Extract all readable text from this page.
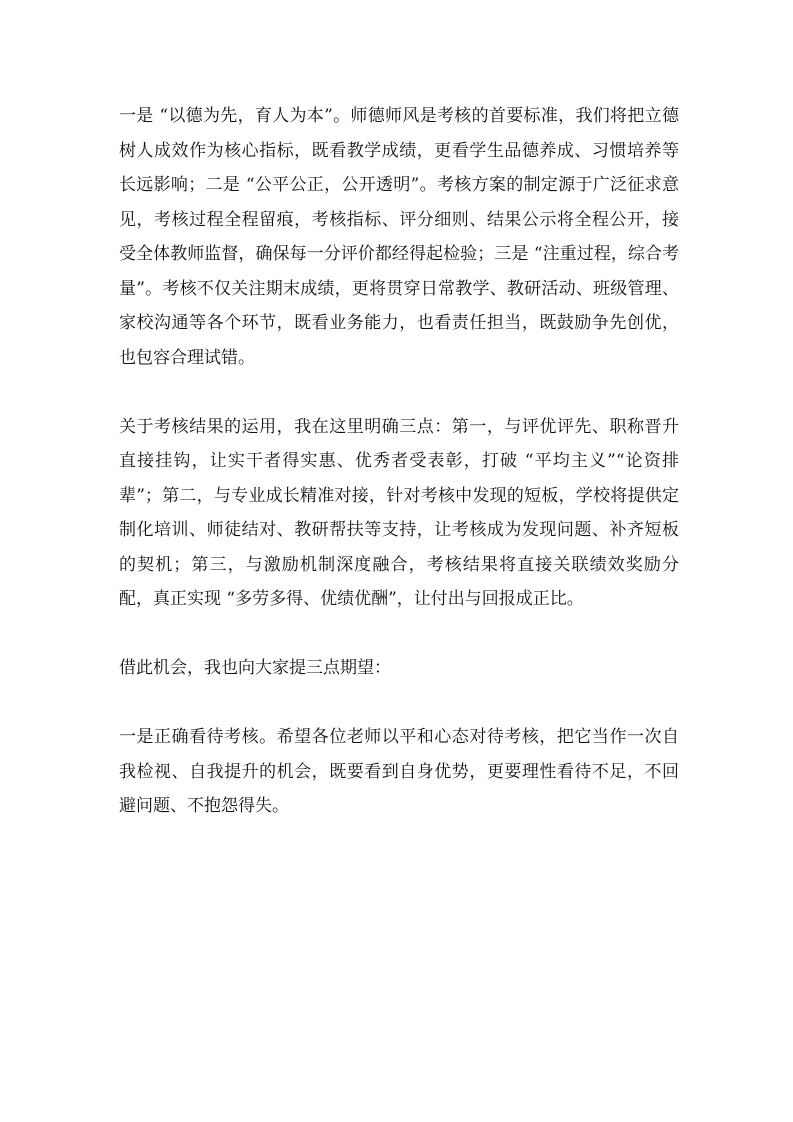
一是 “以德为先，育人为本”。师德师风是考核的首要标准，我们将把立德树人成效作为核心指标，既看教学成绩，更看学生品德养成、习惯培养等长远影响；二是 “公平公正，公开透明”。考核方案的制定源于广泛征求意见，考核过程全程留痕，考核指标、评分细则、结果公示将全程公开，接受全体教师监督，确保每一分评价都经得起检验；三是 “注重过程，综合考量”。考核不仅关注期末成绩，更将贯穿日常教学、教研活动、班级管理、家校沟通等各个环节，既看业务能力，也看责任担当，既鼓励争先创优，也包容合理试错。

关于考核结果的运用，我在这里明确三点：第一，与评优评先、职称晋升直接挂钩，让实干者得实惠、优秀者受表彰，打破 “平均主义”“论资排辈”；第二，与专业成长精准对接，针对考核中发现的短板，学校将提供定制化培训、师徒结对、教研帮扶等支持，让考核成为发现问题、补齐短板的契机；第三，与激励机制深度融合，考核结果将直接关联绩效奖励分配，真正实现 “多劳多得、优绩优酬”，让付出与回报成正比。

借此机会，我也向大家提三点期望：

一是正确看待考核。希望各位老师以平和心态对待考核，把它当作一次自我检视、自我提升的机会，既要看到自身优势，更要理性看待不足，不回避问题、不抱怨得失。
